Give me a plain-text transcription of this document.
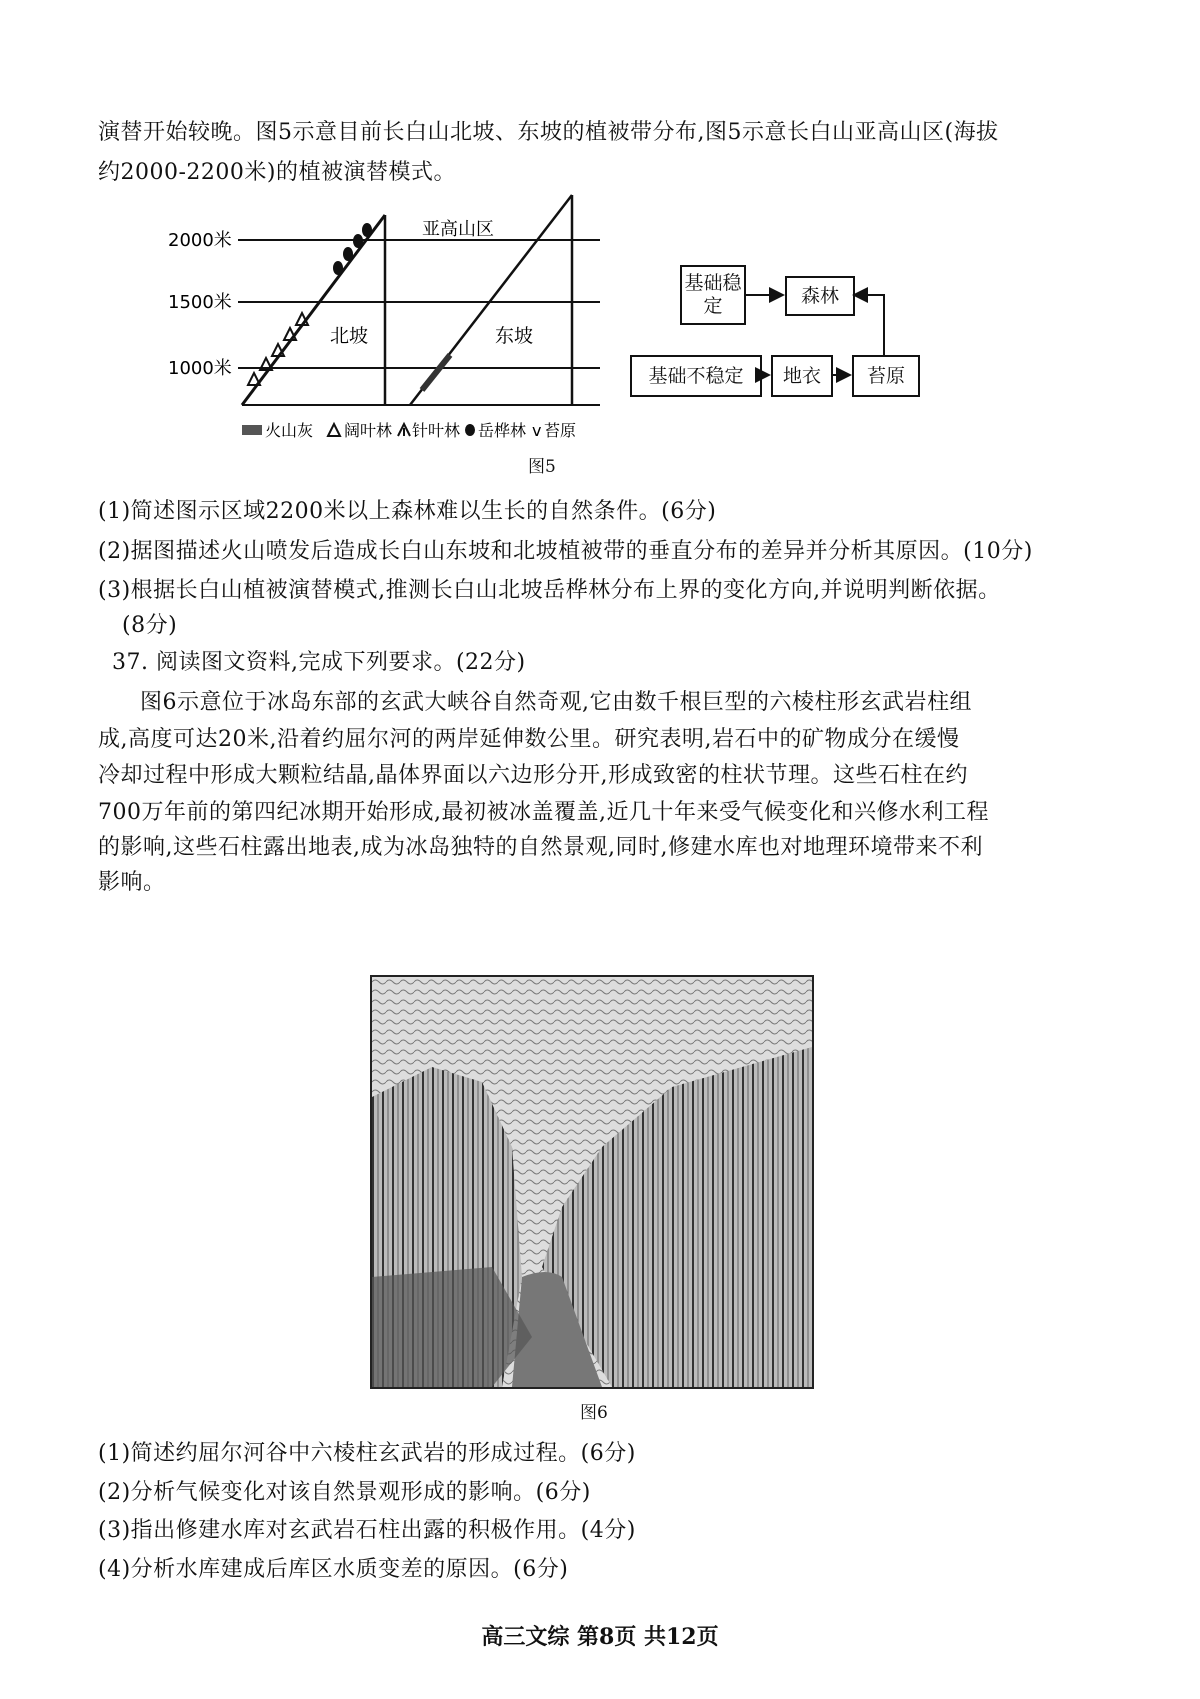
演替开始较晚。图5示意目前长白山北坡、东坡的植被带分布,图5示意长白山亚高山区(海拔
约2000-2200米)的植被演替模式。
2000米
1500米
1000米
亚高山区
北坡	东坡
火山灰 阔叶林 针叶林 岳桦林 v 苔原
基础稳定	森林
基础不稳定	地衣	苔原
图5
(1)简述图示区域2200米以上森林难以生长的自然条件。(6分)
(2)据图描述火山喷发后造成长白山东坡和北坡植被带的垂直分布的差异并分析其原因。(10分)
(3)根据长白山植被演替模式,推测长白山北坡岳桦林分布上界的变化方向,并说明判断依据。
(8分)
37. 阅读图文资料,完成下列要求。(22分)
图6示意位于冰岛东部的玄武大峡谷自然奇观,它由数千根巨型的六棱柱形玄武岩柱组
成,高度可达20米,沿着约屈尔河的两岸延伸数公里。研究表明,岩石中的矿物成分在缓慢
冷却过程中形成大颗粒结晶,晶体界面以六边形分开,形成致密的柱状节理。这些石柱在约
700万年前的第四纪冰期开始形成,最初被冰盖覆盖,近几十年来受气候变化和兴修水利工程
的影响,这些石柱露出地表,成为冰岛独特的自然景观,同时,修建水库也对地理环境带来不利
影响。
图6
(1)简述约屈尔河谷中六棱柱玄武岩的形成过程。(6分)
(2)分析气候变化对该自然景观形成的影响。(6分)
(3)指出修建水库对玄武岩石柱出露的积极作用。(4分)
(4)分析水库建成后库区水质变差的原因。(6分)
高三文综 第8页 共12页
